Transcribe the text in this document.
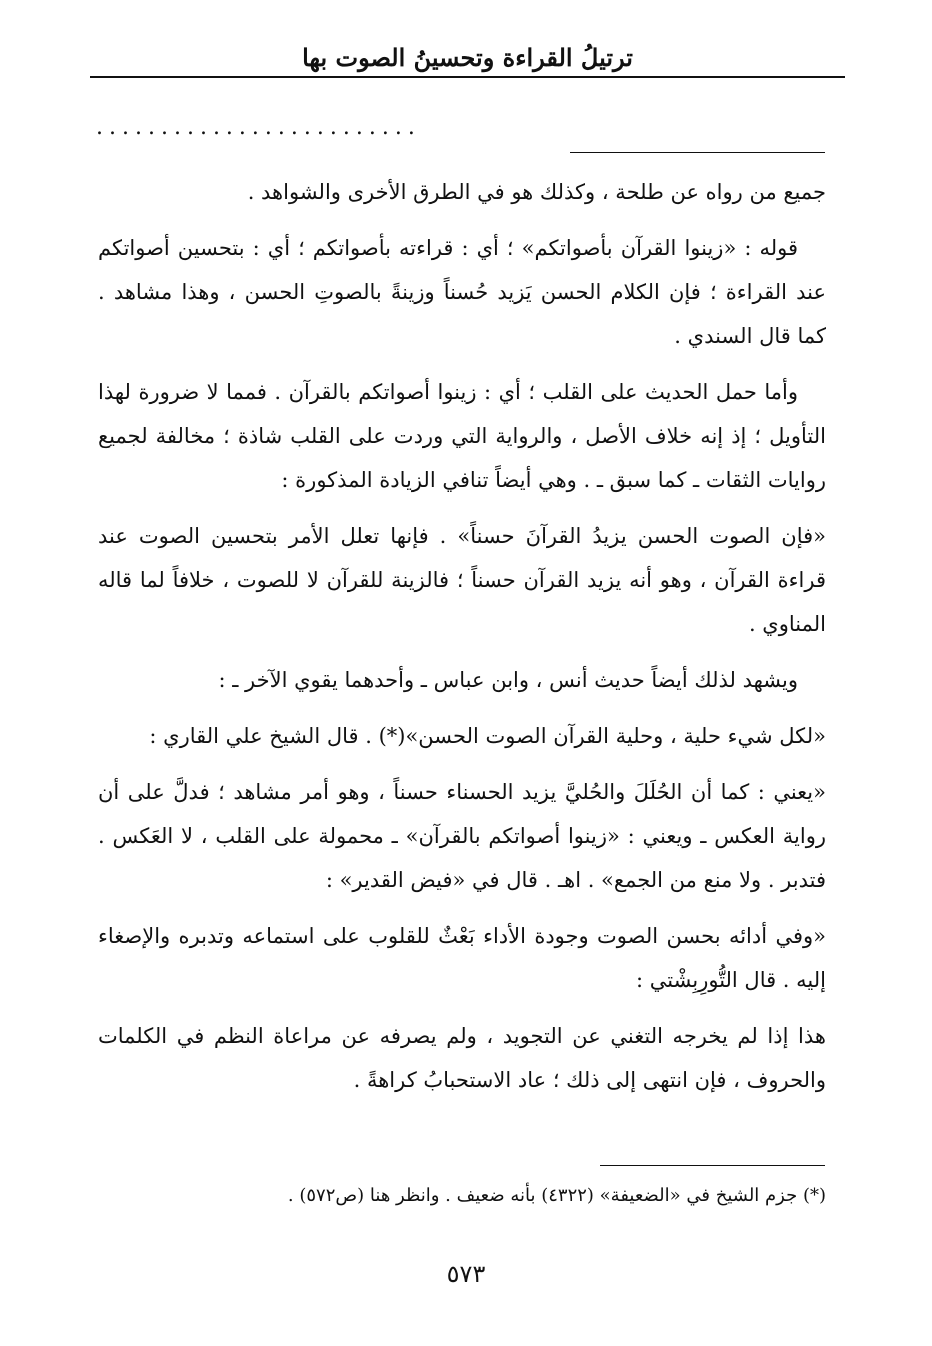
ترتيلُ القراءة وتحسينُ الصوت بها
.........................

جميع من رواه عن طلحة ، وكذلك هو في الطرق الأخرى والشواهد .

قوله : «زينوا القرآن بأصواتكم» ؛ أي : قراءته بأصواتكم ؛ أي : بتحسين أصواتكم عند القراءة ؛ فإن الكلام الحسن يَزيد حُسناً وزينةً بالصوتِ الحسن ، وهذا مشاهد . كما قال السندي .

وأما حمل الحديث على القلب ؛ أي : زينوا أصواتكم بالقرآن . فمما لا ضرورة لهذا التأويل ؛ إذ إنه خلاف الأصل ، والرواية التي وردت على القلب شاذة ؛ مخالفة لجميع روايات الثقات ـ كما سبق ـ . وهي أيضاً تنافي الزيادة المذكورة :

«فإن الصوت الحسن يزيدُ القرآنَ حسناً» . فإنها تعلل الأمر بتحسين الصوت عند قراءة القرآن ، وهو أنه يزيد القرآن حسناً ؛ فالزينة للقرآن لا للصوت ، خلافاً لما قاله المناوي .

ويشهد لذلك أيضاً حديث أنس ، وابن عباس ـ وأحدهما يقوي الآخر ـ :

«لكل شيء حلية ، وحلية القرآن الصوت الحسن»(*) . قال الشيخ علي القاري :

«يعني : كما أن الحُلَلَ والحُليَّ يزيد الحسناء حسناً ، وهو أمر مشاهد ؛ فدلَّ على أن رواية العكس ـ ويعني : «زينوا أصواتكم بالقرآن» ـ محمولة على القلب ، لا العَكس . فتدبر . ولا منع من الجمع» . اهـ . قال في «فيض القدير» :

«وفي أدائه بحسن الصوت وجودة الأداء بَعْثٌ للقلوب على استماعه وتدبره والإصغاء إليه . قال التُّورِبِشْتي :

هذا إذا لم يخرجه التغني عن التجويد ، ولم يصرفه عن مراعاة النظم في الكلمات والحروف ، فإن انتهى إلى ذلك ؛ عاد الاستحبابُ كراهةً .

(*) جزم الشيخ في «الضعيفة» (٤٣٢٢) بأنه ضعيف . وانظر هنا (ص٥٧٢) .
٥٧٣
